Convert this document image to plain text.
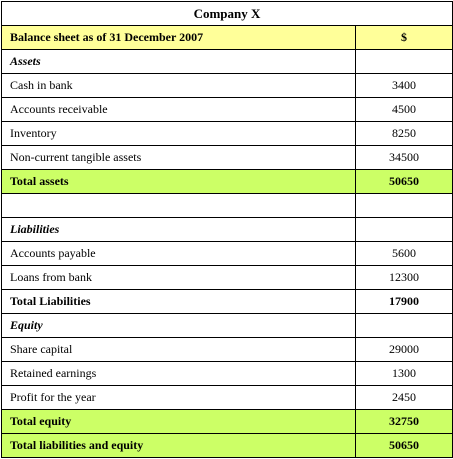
Company X	
Balance sheet as of 31 December 2007	$
Assets	
Cash in bank	3400
Accounts receivable	4500
Inventory	8250
Non-current tangible assets	34500
Total assets	50650

Liabilities	
Accounts payable	5600
Loans from bank	12300
Total Liabilities	17900
Equity	
Share capital	29000
Retained earnings	1300
Profit for the year	2450
Total equity	32750
Total liabilities and equity	50650
